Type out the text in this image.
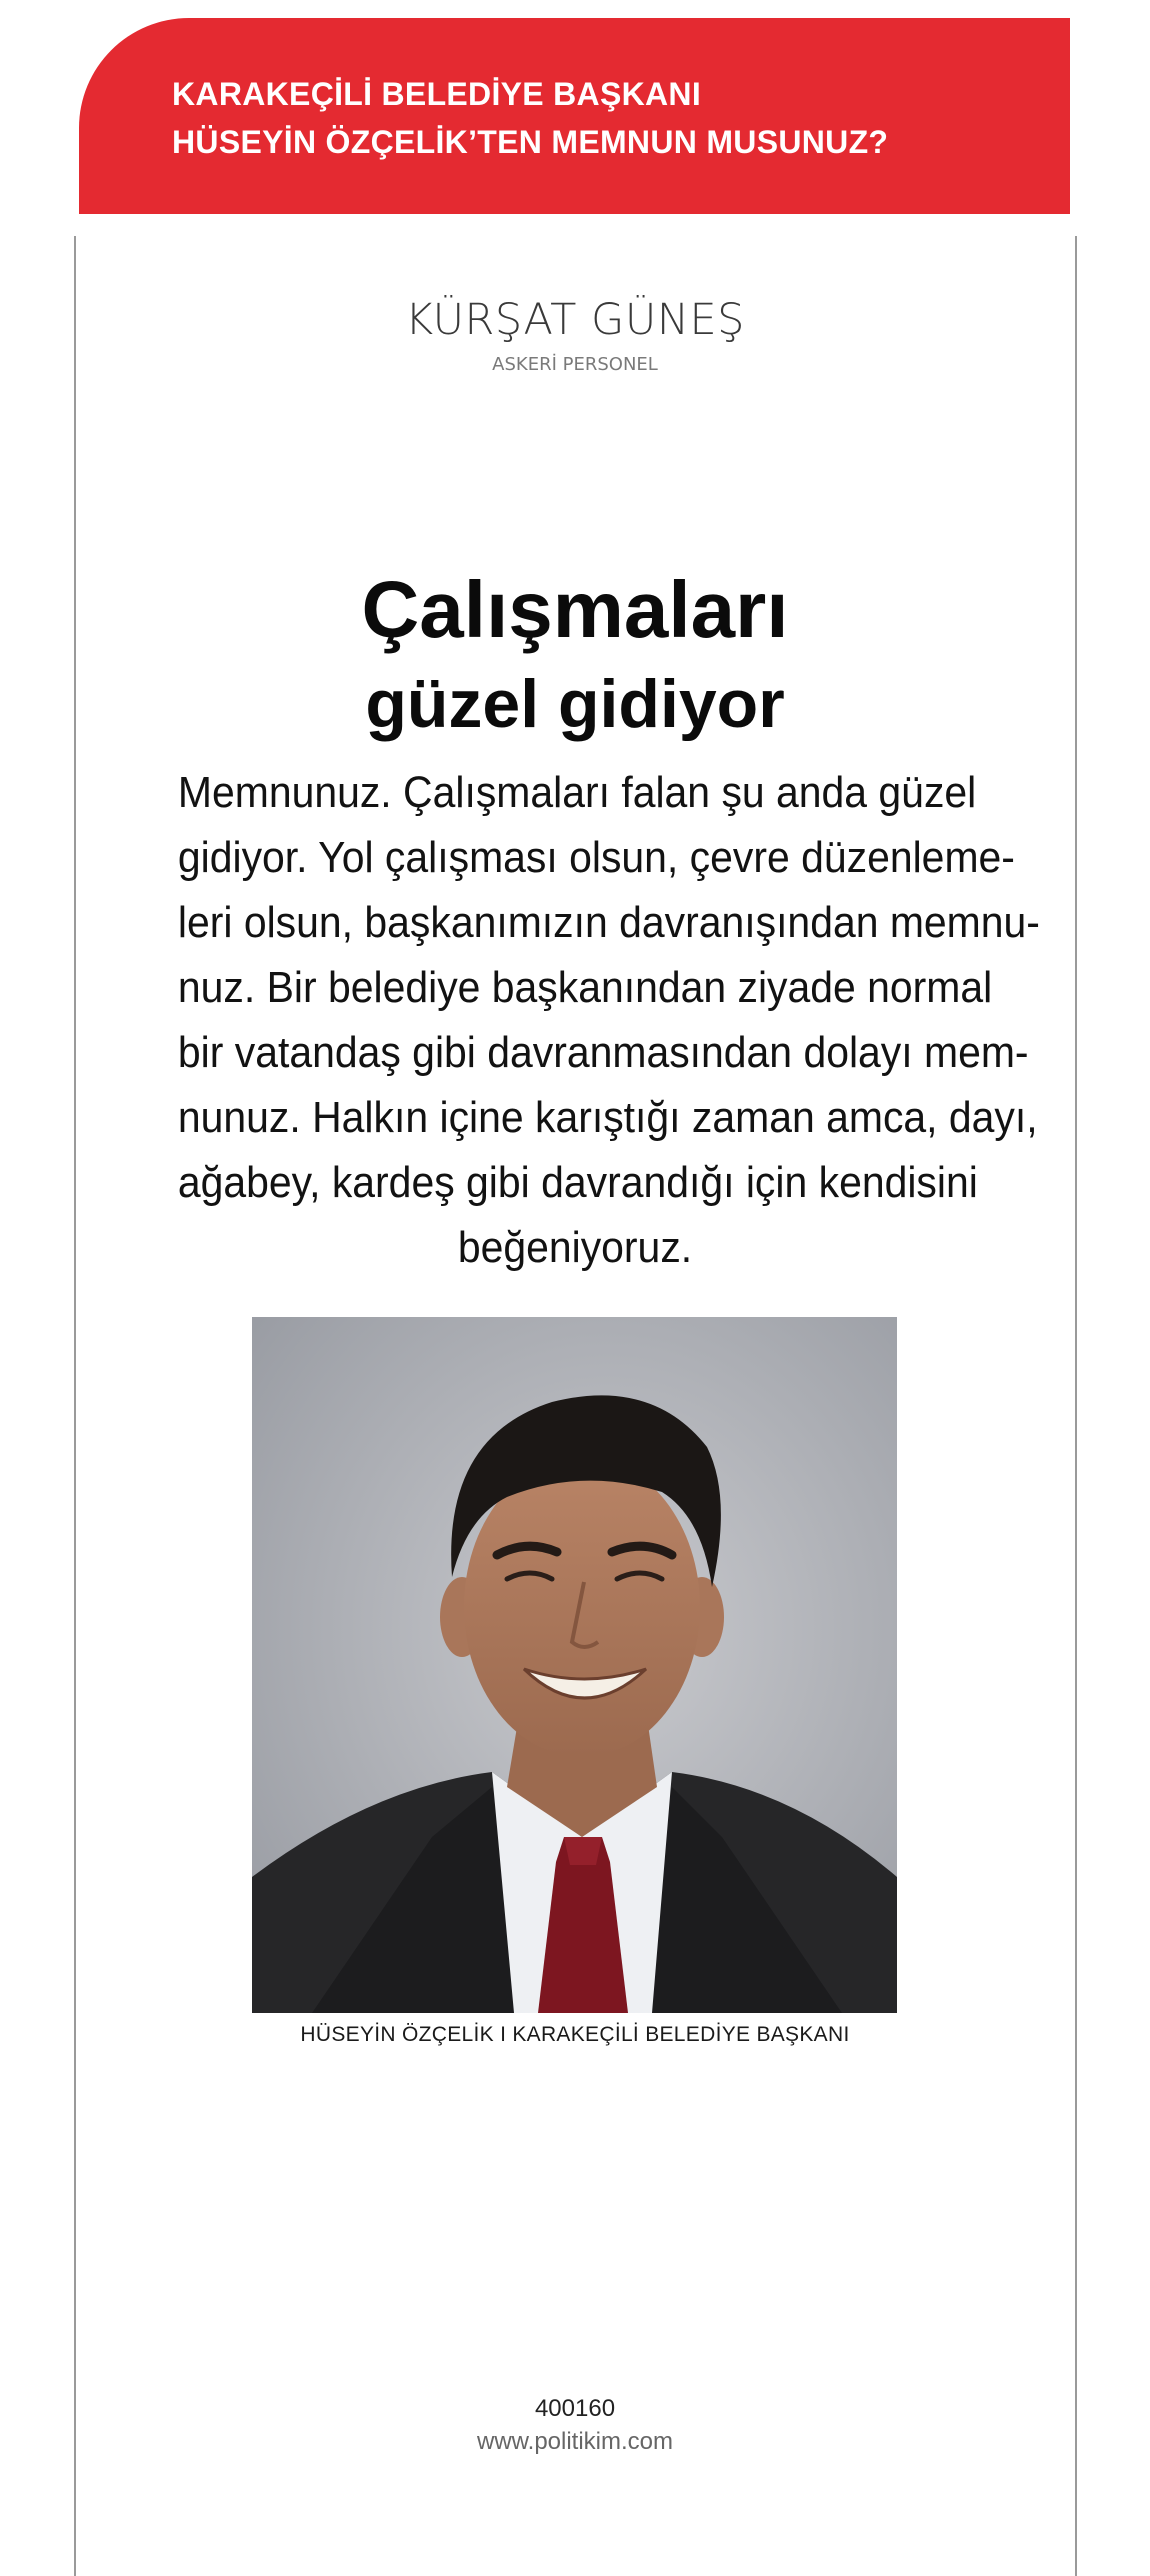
KARAKEÇİLİ BELEDİYE BAŞKANI
HÜSEYİN ÖZÇELİK’TEN MEMNUN MUSUNUZ?
KÜRŞAT GÜNEŞ
ASKERİ PERSONEL
Çalışmaları
güzel gidiyor
Memnunuz. Çalışmaları falan şu anda güzel
gidiyor. Yol çalışması olsun, çevre düzenleme-
leri olsun, başkanımızın davranışından memnu-
nuz. Bir belediye başkanından ziyade normal
bir vatandaş gibi davranmasından dolayı mem-
nunuz. Halkın içine karıştığı zaman amca, dayı,
ağabey, kardeş gibi davrandığı için kendisini
beğeniyoruz.
HÜSEYİN ÖZÇELİK I KARAKEÇİLİ BELEDİYE BAŞKANI
400160
www.politikim.com
